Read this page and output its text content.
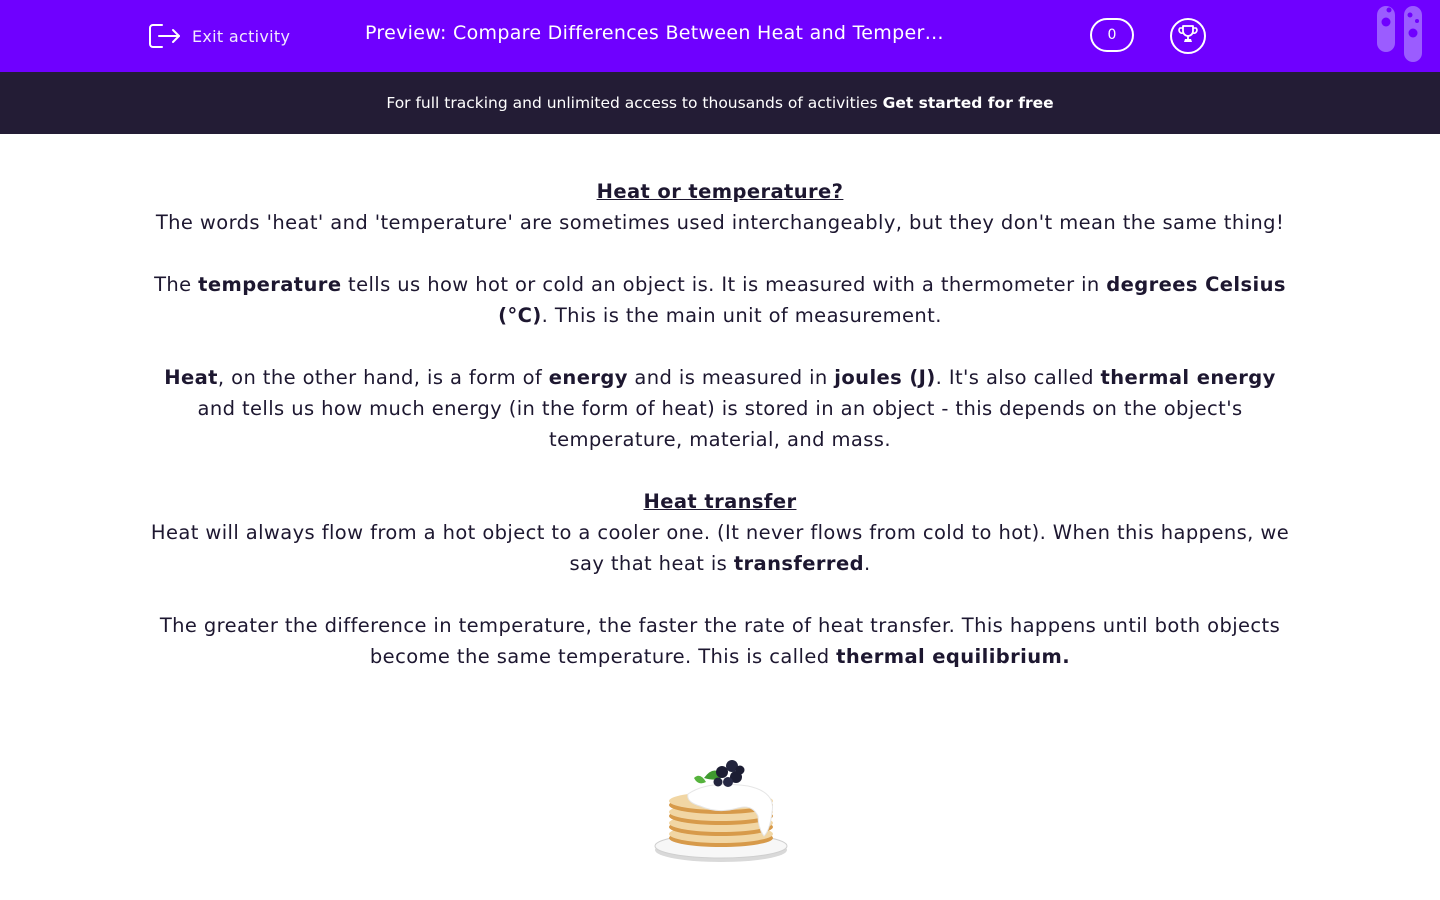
Exit activity	Preview: Compare Differences Between Heat and Temper…	0
For full tracking and unlimited access to thousands of activities Get started for free

Heat or temperature?

The words 'heat' and 'temperature' are sometimes used interchangeably, but they don't mean the same thing!

The temperature tells us how hot or cold an object is. It is measured with a thermometer in degrees Celsius (°C). This is the main unit of measurement.

Heat, on the other hand, is a form of energy and is measured in joules (J). It's also called thermal energy and tells us how much energy (in the form of heat) is stored in an object - this depends on the object's temperature, material, and mass.

Heat transfer

Heat will always flow from a hot object to a cooler one. (It never flows from cold to hot). When this happens, we say that heat is transferred.

The greater the difference in temperature, the faster the rate of heat transfer. This happens until both objects become the same temperature. This is called thermal equilibrium.
